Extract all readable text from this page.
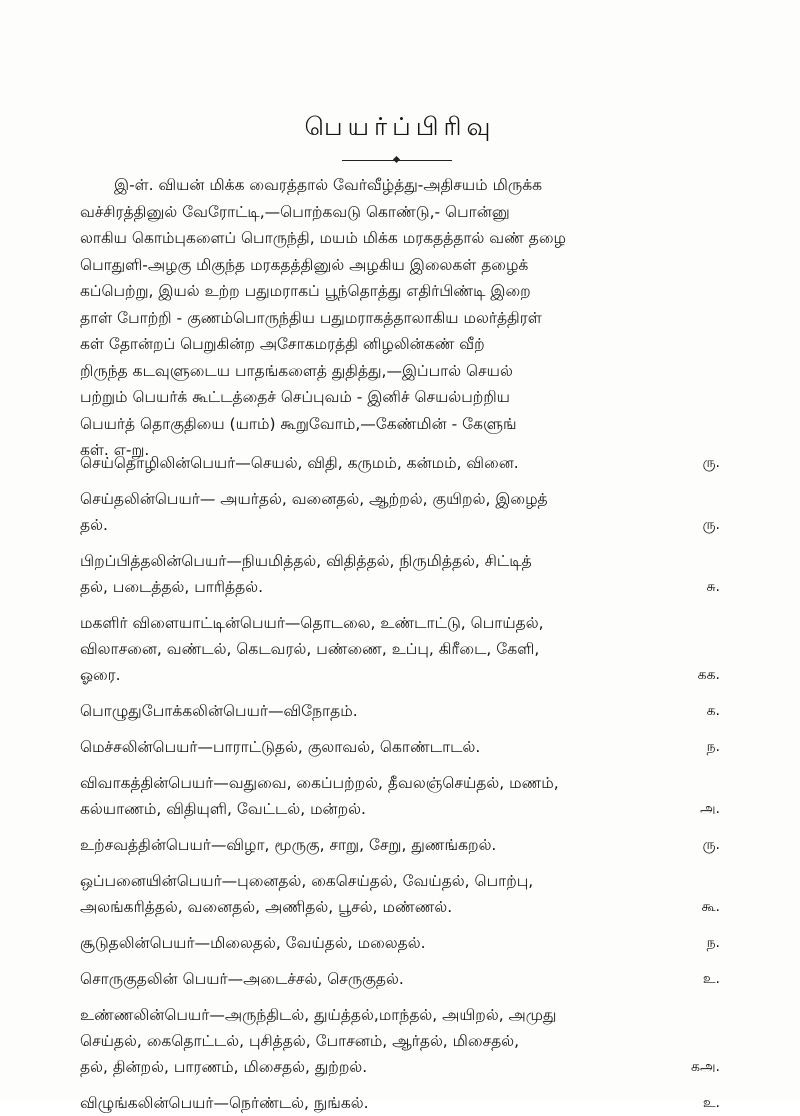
பெயர்ப்பிரிவு

இ-ள். வியன் மிக்க வைரத்தால் வேர்வீழ்த்து-அதிசயம் மிருக்க
வச்சிரத்தினுல் வேரோட்டி,—பொற்கவடு கொண்டு,- பொன்னு
லாகிய கொம்புகளைப் பொருந்தி, மயம் மிக்க மரகதத்தால் வண் தழை
பொதுளி-அழகு மிகுந்த மரகதத்தினுல் அழகிய இலைகள் தழைக்
கப்பெற்று, இயல் உற்ற பதுமராகப் பூந்தொத்து எதிர்பிண்டி இறை
தாள் போற்றி - குணம்பொருந்திய பதுமராகத்தாலாகிய மலர்த்திரள்
கள் தோன்றப் பெறுகின்ற அசோகமரத்தி னிழலின்கண் வீற்
றிருந்த கடவுளுடைய பாதங்களைத் துதித்து,—இப்பால் செயல்
பற்றும் பெயர்க் கூட்டத்தைச் செப்புவம் - இனிச் செயல்பற்றிய
பெயர்த் தொகுதியை (யாம்) கூறுவோம்,—கேண்மின் - கேளுங்
கள். எ-று.

செய்தொழிலின்பெயர்—செயல், விதி, கருமம், கன்மம், வினை.	ரு.
செய்தலின்பெயர்— அயர்தல், வனைதல், ஆற்றல், குயிறல், இழைத்
தல்.	ரு.
பிறப்பித்தலின்பெயர்—நியமித்தல், விதித்தல், நிருமித்தல், சிட்டித்
தல், படைத்தல், பாரித்தல்.	சு.
மகளிர் விளையாட்டின்பெயர்—தொடலை, உண்டாட்டு, பொய்தல்,
விலாசனை, வண்டல், கெடவரல், பண்ணை, உப்பு, கிரீடை, கேளி,
ஓரை.	கக.
பொழுதுபோக்கலின்பெயர்—விநோதம்.	க.
மெச்சலின்பெயர்—பாராட்டுதல், குலாவல், கொண்டாடல்.	ந.
விவாகத்தின்பெயர்—வதுவை, கைப்பற்றல், தீவலஞ்செய்தல், மணம்,
கல்யாணம், விதியுளி, வேட்டல், மன்றல்.	அ.
உற்சவத்தின்பெயர்—விழா, மூருகு, சாறு, சேறு, துணங்கறல்.	ரு.
ஒப்பனையின்பெயர்—புனைதல், கைசெய்தல், வேய்தல், பொற்பு,
அலங்கரித்தல், வனைதல், அணிதல், பூசல், மண்ணல்.	கூ.
சூடுதலின்பெயர்—மிலைதல், வேய்தல், மலைதல்.	ந.
சொருகுதலின் பெயர்—அடைச்சல், செருகுதல்.	உ.
உண்ணலின்பெயர்—அருந்திடல், துய்த்தல்,மாந்தல், அயிறல், அமுது
செய்தல், கைதொட்டல், புசித்தல், போசனம், ஆர்தல், மிசைதல்,
தல், தின்றல், பாரணம், மிசைதல், துற்றல்.	கஅ.
விழுங்கலின்பெயர்—நெர்ண்டல், நுங்கல்.	உ.
